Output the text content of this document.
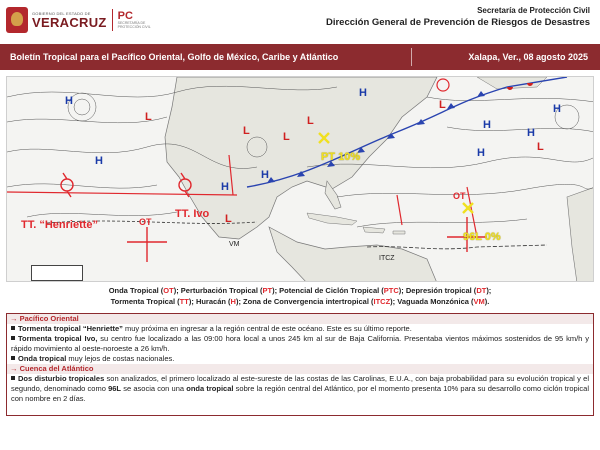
GOBIERNO DEL ESTADO DE
VERACRUZ PC
SECRETARÍA DE PROTECCIÓN CIVIL
Secretaría de Protección Civil
Dirección General de Prevención de Riesgos de Desastres
Boletín Tropical para el Pacífico Oriental, Golfo de México, Caribe y Atlántico	Xalapa, Ver., 08 agosto 2025
H
H
H
H
H
H
H
H
H
L
L
L
L
L
L
L
TT. “Henriette”
TT. Ivo
PT 10%
96L 0%
OT
OT
VM
ITCZ
Onda Tropical (OT); Perturbación Tropical (PT); Potencial de Ciclón Tropical (PTC); Depresión tropical (DT);
Tormenta Tropical (TT); Huracán (H); Zona de Convergencia intertropical (ITCZ); Vaguada Monzónica (VM).
→ Pacífico Oriental
Tormenta tropical “Henriette” muy próxima en ingresar a la región central de este océano. Este es su último reporte.
Tormenta tropical Ivo, su centro fue localizado a las 09:00 hora local a unos 245 km al sur de Baja California. Presentaba vientos máximos sostenidos de 95 km/h y rápido movimiento al oeste-noroeste a 26 km/h.
Onda tropical muy lejos de costas nacionales.
→ Cuenca del Atlántico
Dos disturbio tropicales son analizados, el primero localizado al este-sureste de las costas de las Carolinas, E.U.A., con baja probabilidad para su evolución tropical y el segundo, denominado como 96L se asocia con una onda tropical sobre la región central del Atlántico, por el momento presenta 10% para su desarrollo como ciclón tropical con nombre en 2 días.
